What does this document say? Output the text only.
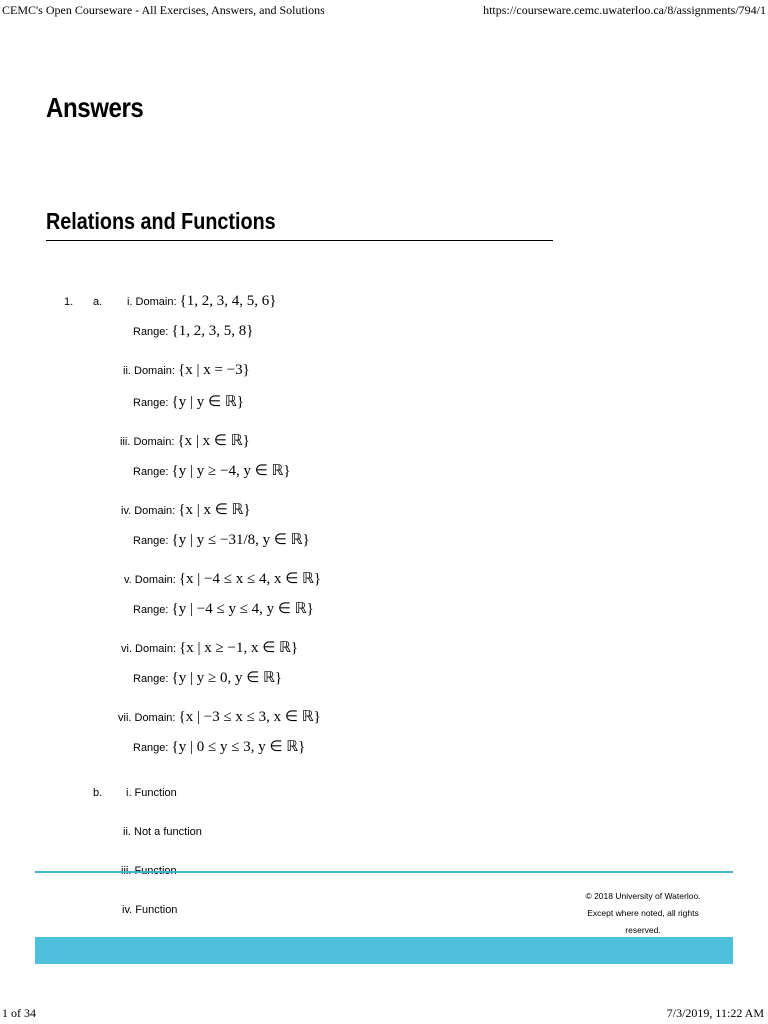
CEMC's Open Courseware - All Exercises, Answers, and Solutions	https://courseware.cemc.uwaterloo.ca/8/assignments/794/1
Answers
Relations and Functions
1. a. i. Domain: {1, 2, 3, 4, 5, 6}
Range: {1, 2, 3, 5, 8}
ii. Domain: {x | x = −3}
Range: {y | y ∈ ℝ}
iii. Domain: {x | x ∈ ℝ}
Range: {y | y ≥ −4, y ∈ ℝ}
iv. Domain: {x | x ∈ ℝ}
Range: {y | y ≤ −31/8, y ∈ ℝ}
v. Domain: {x | −4 ≤ x ≤ 4, x ∈ ℝ}
Range: {y | −4 ≤ y ≤ 4, y ∈ ℝ}
vi. Domain: {x | x ≥ −1, x ∈ ℝ}
Range: {y | y ≥ 0, y ∈ ℝ}
vii. Domain: {x | −3 ≤ x ≤ 3, x ∈ ℝ}
Range: {y | 0 ≤ y ≤ 3, y ∈ ℝ}
b. i. Function
ii. Not a function
iv. Function
© 2018 University of Waterloo.
Except where noted, all rights reserved.
1 of 34	7/3/2019, 11:22 AM
